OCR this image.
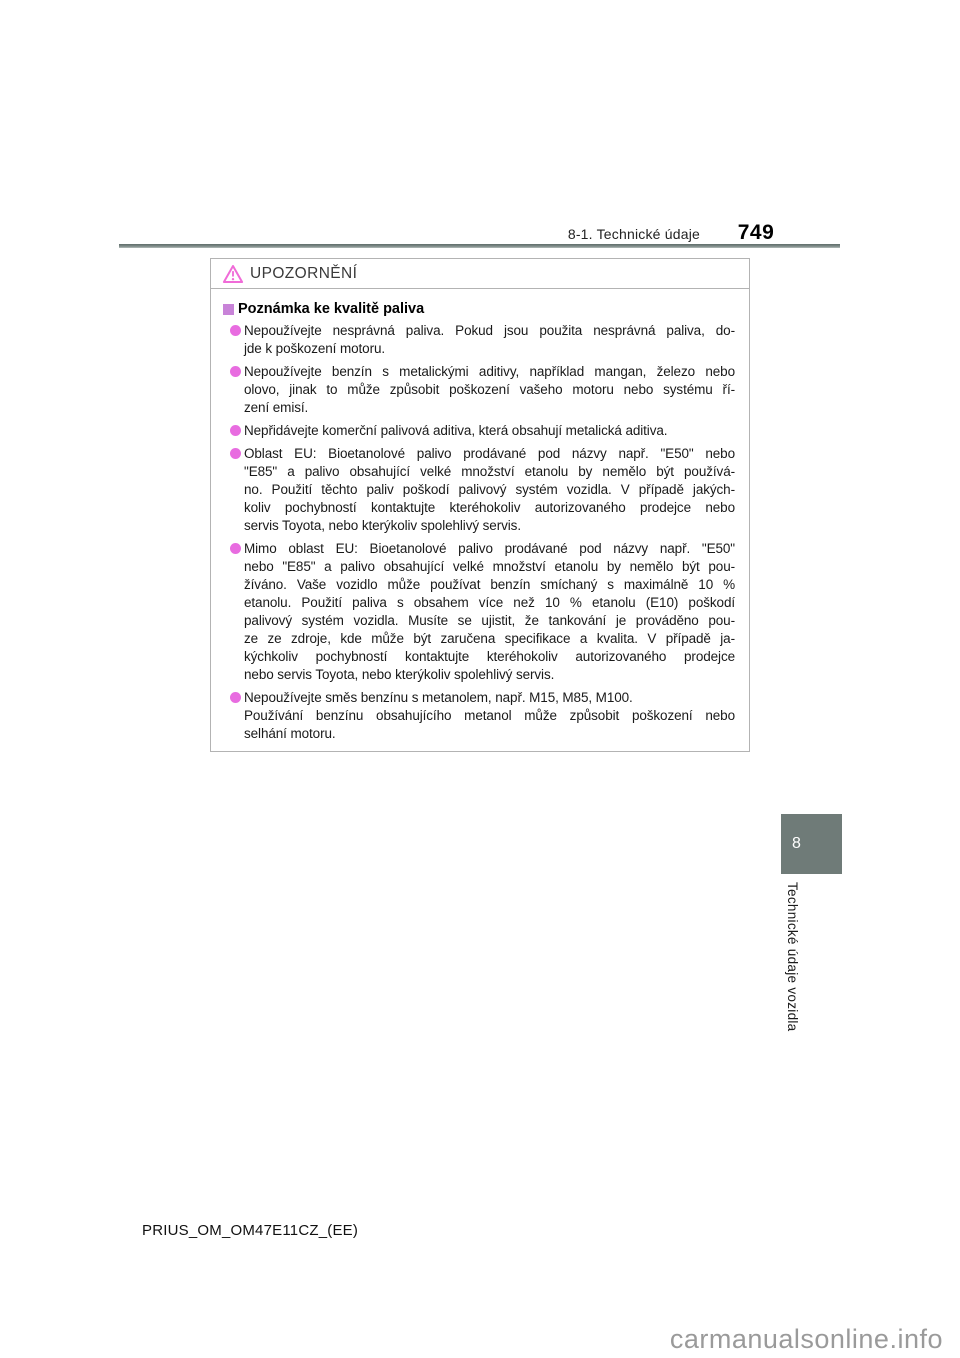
8-1. Technické údaje	749
UPOZORNĚNÍ
Poznámka ke kvalitě paliva
Nepoužívejte nesprávná paliva. Pokud jsou použita nesprávná paliva, do-
jde k poškození motoru.
Nepoužívejte benzín s metalickými aditivy, například mangan, železo nebo
olovo, jinak to může způsobit poškození vašeho motoru nebo systému ří-
zení emisí.
Nepřidávejte komerční palivová aditiva, která obsahují metalická aditiva.
Oblast EU: Bioetanolové palivo prodávané pod názvy např. "E50" nebo
"E85" a palivo obsahující velké množství etanolu by nemělo být používá-
no. Použití těchto paliv poškodí palivový systém vozidla. V případě jakých-
koliv pochybností kontaktujte kteréhokoliv autorizovaného prodejce nebo
servis Toyota, nebo kterýkoliv spolehlivý servis.
Mimo oblast EU: Bioetanolové palivo prodávané pod názvy např. "E50"
nebo "E85" a palivo obsahující velké množství etanolu by nemělo být pou-
žíváno. Vaše vozidlo může používat benzín smíchaný s maximálně 10 %
etanolu. Použití paliva s obsahem více než 10 % etanolu (E10) poškodí
palivový systém vozidla. Musíte se ujistit, že tankování je prováděno pou-
ze ze zdroje, kde může být zaručena specifikace a kvalita. V případě ja-
kýchkoliv pochybností kontaktujte kteréhokoliv autorizovaného prodejce
nebo servis Toyota, nebo kterýkoliv spolehlivý servis.
Nepoužívejte směs benzínu s metanolem, např. M15, M85, M100.
Používání benzínu obsahujícího metanol může způsobit poškození nebo
selhání motoru.
8
Technické údaje vozidla
PRIUS_OM_OM47E11CZ_(EE)
carmanualsonline.info
